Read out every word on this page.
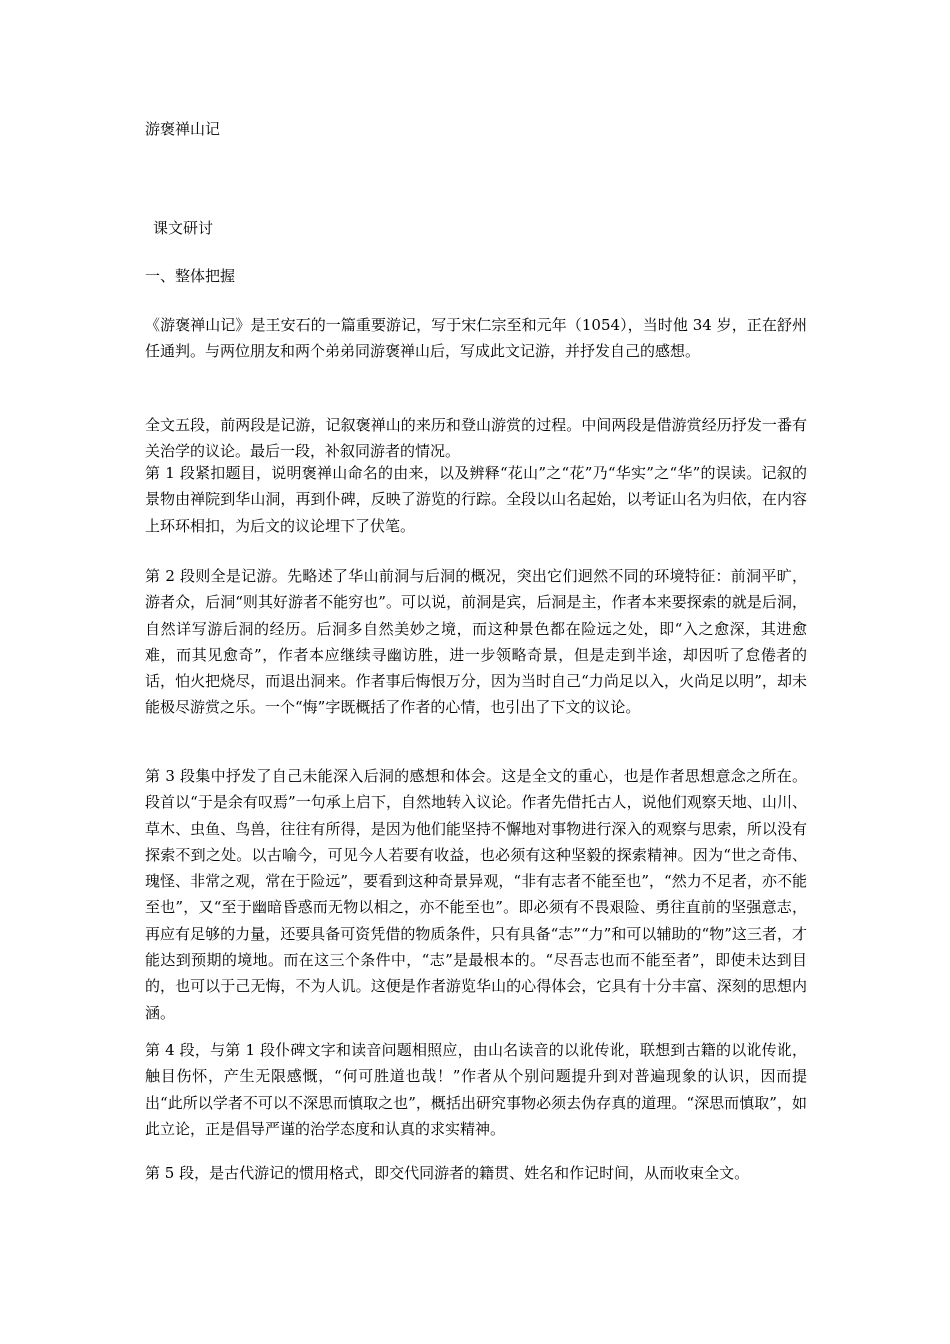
游褒禅山记
课文研讨
一、整体把握

《游褒禅山记》是王安石的一篇重要游记，写于宋仁宗至和元年（1054），当时他 34 岁，正在舒州任通判。与两位朋友和两个弟弟同游褒禅山后，写成此文记游，并抒发自己的感想。

全文五段，前两段是记游，记叙褒禅山的来历和登山游赏的过程。中间两段是借游赏经历抒发一番有关治学的议论。最后一段，补叙同游者的情况。

第 1 段紧扣题目，说明褒禅山命名的由来，以及辨释“花山”之“花”乃“华实”之“华”的误读。记叙的景物由禅院到华山洞，再到仆碑，反映了游览的行踪。全段以山名起始，以考证山名为归依，在内容上环环相扣，为后文的议论埋下了伏笔。

第 2 段则全是记游。先略述了华山前洞与后洞的概况，突出它们迥然不同的环境特征：前洞平旷，游者众，后洞“则其好游者不能穷也”。可以说，前洞是宾，后洞是主，作者本来要探索的就是后洞，自然详写游后洞的经历。后洞多自然美妙之境，而这种景色都在险远之处，即“入之愈深，其进愈难，而其见愈奇”，作者本应继续寻幽访胜，进一步领略奇景，但是走到半途，却因听了怠倦者的话，怕火把烧尽，而退出洞来。作者事后悔恨万分，因为当时自己“力尚足以入，火尚足以明”，却未能极尽游赏之乐。一个“悔”字既概括了作者的心情，也引出了下文的议论。

第 3 段集中抒发了自己未能深入后洞的感想和体会。这是全文的重心，也是作者思想意念之所在。段首以“于是余有叹焉”一句承上启下，自然地转入议论。作者先借托古人，说他们观察天地、山川、草木、虫鱼、鸟兽，往往有所得，是因为他们能坚持不懈地对事物进行深入的观察与思索，所以没有探索不到之处。以古喻今，可见今人若要有收益，也必须有这种坚毅的探索精神。因为“世之奇伟、瑰怪、非常之观，常在于险远”，要看到这种奇景异观，“非有志者不能至也”，“然力不足者，亦不能至也”，又“至于幽暗昏惑而无物以相之，亦不能至也”。即必须有不畏艰险、勇往直前的坚强意志，再应有足够的力量，还要具备可资凭借的物质条件，只有具备“志”“力”和可以辅助的“物”这三者，才能达到预期的境地。而在这三个条件中，“志”是最根本的。“尽吾志也而不能至者”，即使未达到目的，也可以于己无悔，不为人讥。这便是作者游览华山的心得体会，它具有十分丰富、深刻的思想内涵。

第 4 段，与第 1 段仆碑文字和读音问题相照应，由山名读音的以讹传讹，联想到古籍的以讹传讹，触目伤怀，产生无限感慨，“何可胜道也哉！”作者从个别问题提升到对普遍现象的认识，因而提出“此所以学者不可以不深思而慎取之也”，概括出研究事物必须去伪存真的道理。“深思而慎取”，如此立论，正是倡导严谨的治学态度和认真的求实精神。

第 5 段，是古代游记的惯用格式，即交代同游者的籍贯、姓名和作记时间，从而收束全文。
